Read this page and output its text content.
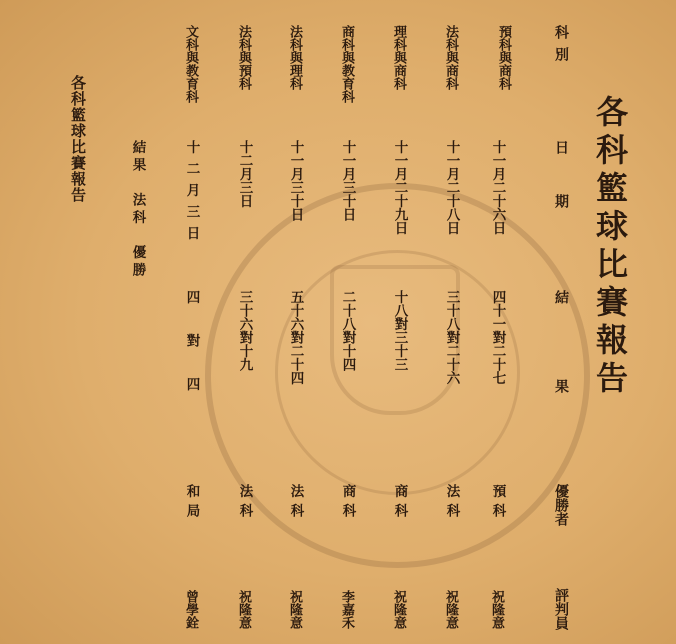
各科籃球比賽報告
各科籃球比賽報告
科別
日期
結果
優勝者
評判員
預科與商科
十一月二十六日
四十一對二十七
預科
祝隆意
法科與商科
十一月二十八日
三十八對二十六
法科
祝隆意
理科與商科
十一月二十九日
十八對三十三
商科
祝隆意
商科與教育科
十一月三十日
二十八對十四
商科
李嘉禾
法科與理科
十一月三十日
五十六對二十四
法科
祝隆意
法科與預科
十二月三日
三十六對十九
法科
祝隆意
文科與教育科
十二月三日
四對四
和局
曾學銓
結果　法科　優勝
